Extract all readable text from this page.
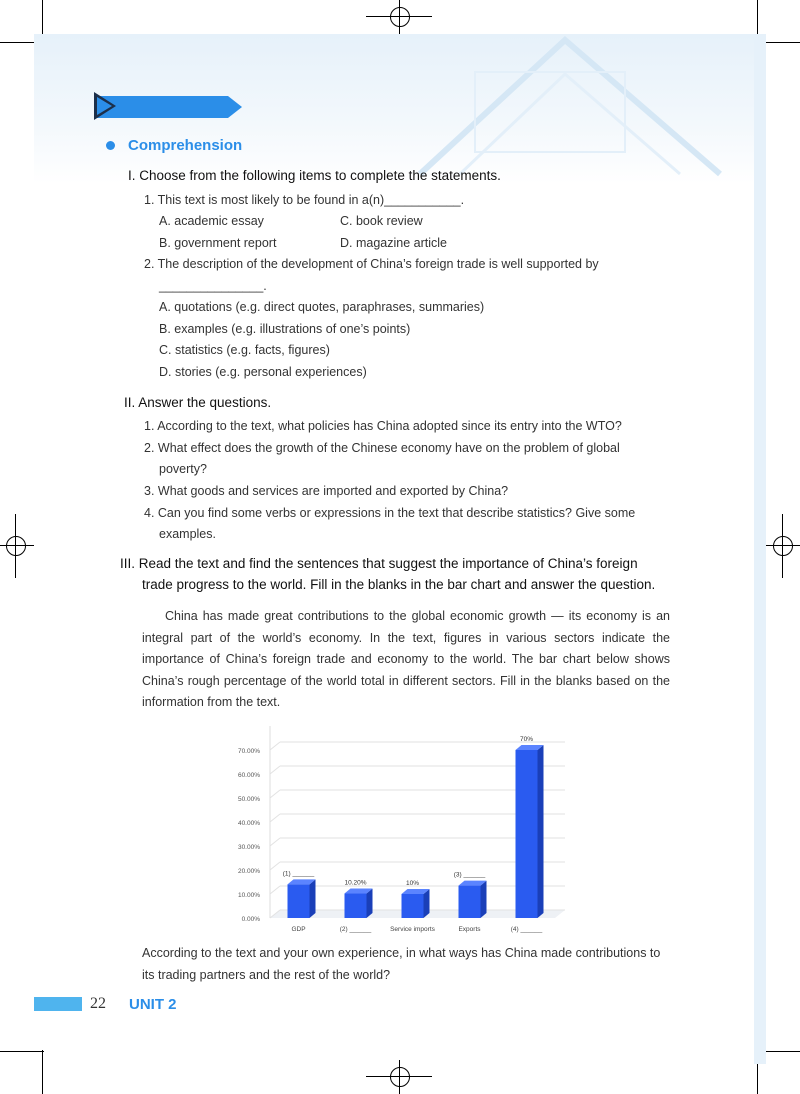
Comprehension
I. Choose from the following items to complete the statements.
1. This text is most likely to be found in a(n)___________.
A. academic essay	C. book review
B. government report	D. magazine article
2. The description of the development of China’s foreign trade is well supported by
_______________.
A. quotations (e.g. direct quotes, paraphrases, summaries)
B. examples (e.g. illustrations of one’s points)
C. statistics (e.g. facts, figures)
D. stories (e.g. personal experiences)
II. Answer the questions.
1. According to the text, what policies has China adopted since its entry into the WTO?
2. What effect does the growth of the Chinese economy have on the problem of global
poverty?
3. What goods and services are imported and exported by China?
4. Can you find some verbs or expressions in the text that describe statistics? Give some
examples.
III. Read the text and find the sentences that suggest the importance of China’s foreign
trade progress to the world. Fill in the blanks in the bar chart and answer the question.
China has made great contributions to the global economic growth — its economy is an integral part of the world’s economy. In the text, figures in various sectors indicate the importance of China’s foreign trade and economy to the world. The bar chart below shows China’s rough percentage of the world total in different sectors. Fill in the blanks based on the information from the text.
0.00%
10.00%
20.00%
30.00%
40.00%
50.00%
60.00%
70.00%
(1) ______
GDP
10.20%
(2) ______
10%
Service imports
(3) ______
Exports
70%
(4) ______
According to the text and your own experience, in what ways has China made contributions to its trading partners and the rest of the world?
22 UNIT 2
